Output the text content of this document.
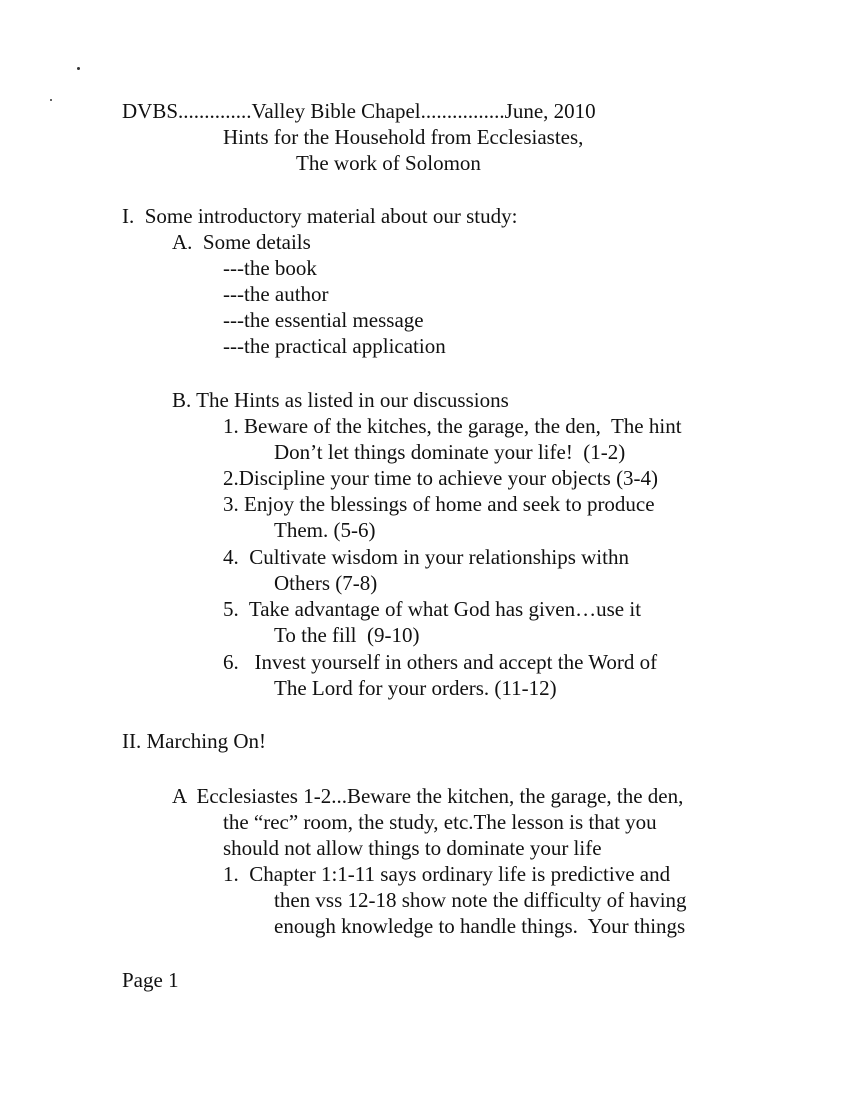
DVBS..............Valley Bible Chapel................June, 2010
Hints for the Household from Ecclesiastes,
The work of Solomon
I.  Some introductory material about our study:
A.  Some details
---the book
---the author
---the essential message
---the practical application
B. The Hints as listed in our discussions
1. Beware of the kitches, the garage, the den,  The hint
Don’t let things dominate your life!  (1-2)
2.Discipline your time to achieve your objects (3-4)
3. Enjoy the blessings of home and seek to produce
Them. (5-6)
4.  Cultivate wisdom in your relationships withn
Others (7-8)
5.  Take advantage of what God has given…use it
To the fill  (9-10)
6.   Invest yourself in others and accept the Word of
The Lord for your orders. (11-12)
II. Marching On!
A  Ecclesiastes 1-2...Beware the kitchen, the garage, the den,
the “rec” room, the study, etc.The lesson is that you
should not allow things to dominate your life
1.  Chapter 1:1-11 says ordinary life is predictive and
then vss 12-18 show note the difficulty of having
enough knowledge to handle things.  Your things
Page 1
